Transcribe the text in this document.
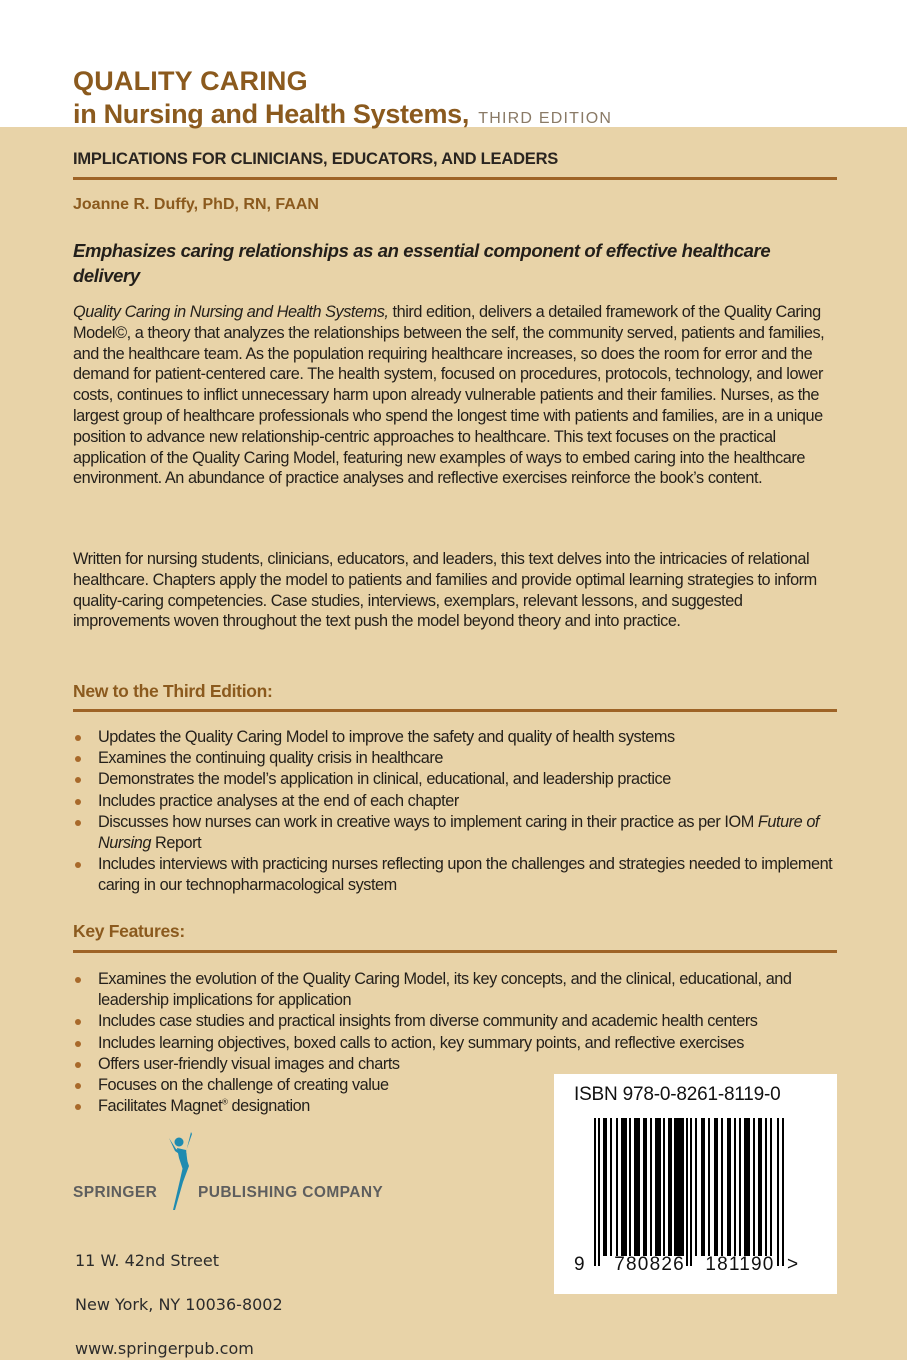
QUALITY CARING
in Nursing and Health Systems, THIRD EDITION
IMPLICATIONS FOR CLINICIANS, EDUCATORS, AND LEADERS
Joanne R. Duffy, PhD, RN, FAAN
Emphasizes caring relationships as an essential component of effective healthcare delivery

Quality Caring in Nursing and Health Systems, third edition, delivers a detailed framework of the Quality Caring Model©, a theory that analyzes the relationships between the self, the community served, patients and families, and the healthcare team. As the population requiring healthcare increases, so does the room for error and the demand for patient-centered care. The health system, focused on procedures, protocols, technology, and lower costs, continues to inflict unnecessary harm upon already vulnerable patients and their families. Nurses, as the largest group of healthcare professionals who spend the longest time with patients and families, are in a unique position to advance new relationship-centric approaches to healthcare. This text focuses on the practical application of the Quality Caring Model, featuring new examples of ways to embed caring into the healthcare environment. An abundance of practice analyses and reflective exercises reinforce the book’s content.

Written for nursing students, clinicians, educators, and leaders, this text delves into the intricacies of relational healthcare. Chapters apply the model to patients and families and provide optimal learning strategies to inform quality-caring competencies. Case studies, interviews, exemplars, relevant lessons, and suggested improvements woven throughout the text push the model beyond theory and into practice.

New to the Third Edition:
Updates the Quality Caring Model to improve the safety and quality of health systems
Examines the continuing quality crisis in healthcare
Demonstrates the model’s application in clinical, educational, and leadership practice
Includes practice analyses at the end of each chapter
Discusses how nurses can work in creative ways to implement caring in their practice as per IOM Future of Nursing Report
Includes interviews with practicing nurses reflecting upon the challenges and strategies needed to implement caring in our technopharmacological system
Key Features:
Examines the evolution of the Quality Caring Model, its key concepts, and the clinical, educational, and leadership implications for application
Includes case studies and practical insights from diverse community and academic health centers
Includes learning objectives, boxed calls to action, key summary points, and reflective exercises
Offers user-friendly visual images and charts
Focuses on the challenge of creating value
Facilitates Magnet® designation
SPRINGER	PUBLISHING COMPANY

11 W. 42nd Street

New York, NY 10036-8002

www.springerpub.com

ISBN 978-0-8261-8119-0
9 780826 181190 >
